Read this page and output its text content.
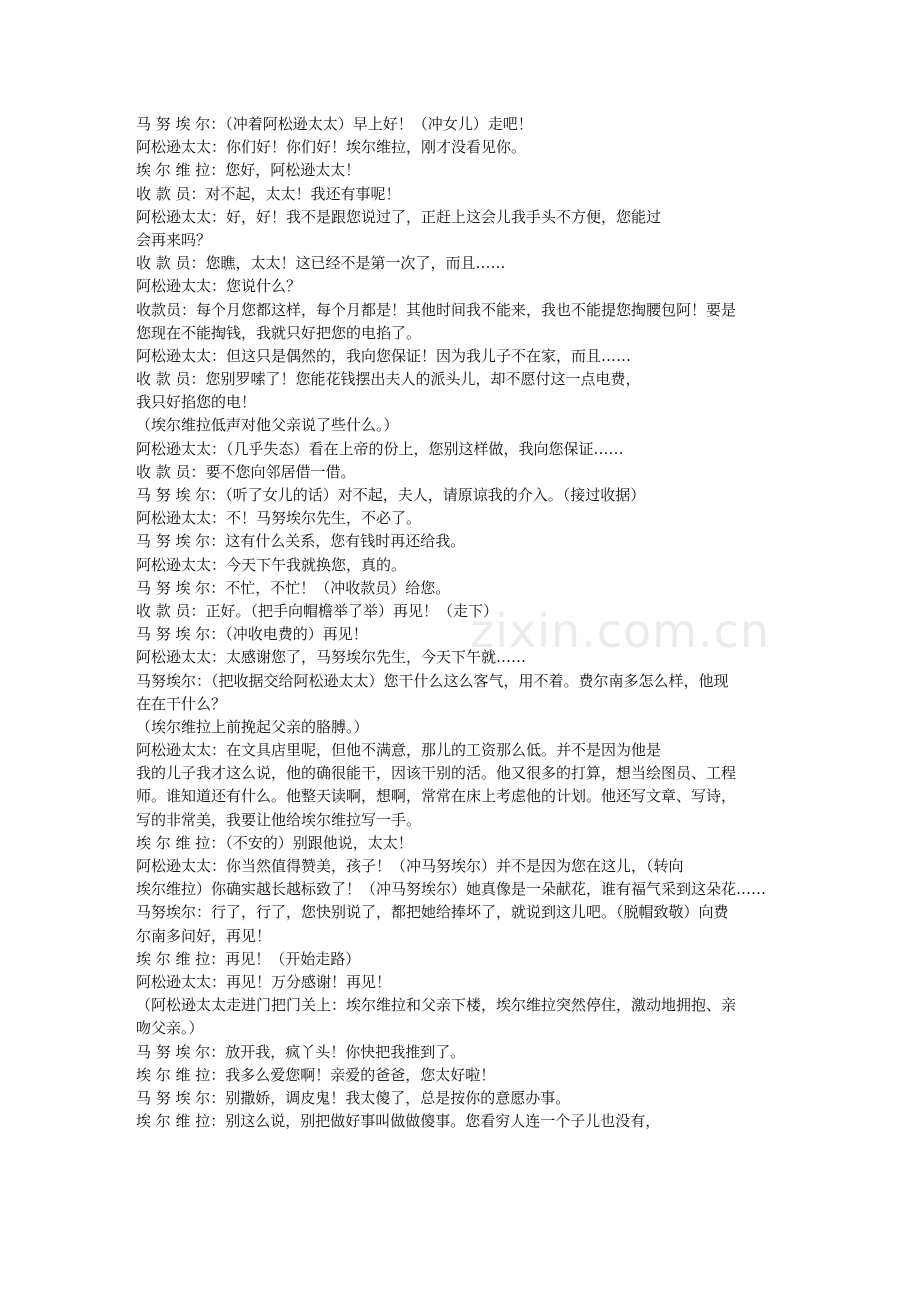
马 努 埃 尔：（冲着阿松逊太太）早上好！（冲女儿）走吧！
阿松逊太太：你们好！你们好！埃尔维拉，刚才没看见你。
埃 尔 维 拉：您好，阿松逊太太！
收 款 员：对不起，太太！我还有事呢！
阿松逊太太：好，好！我不是跟您说过了，正赶上这会儿我手头不方便，您能过
会再来吗？
收 款 员：您瞧，太太！这已经不是第一次了，而且……
阿松逊太太：您说什么？
收款员：每个月您都这样，每个月都是！其他时间我不能来，我也不能提您掏腰包阿！要是
您现在不能掏钱，我就只好把您的电掐了。
阿松逊太太：但这只是偶然的，我向您保证！因为我儿子不在家，而且……
收 款 员：您别罗嗦了！您能花钱摆出夫人的派头儿，却不愿付这一点电费，
我只好掐您的电！
（埃尔维拉低声对他父亲说了些什么。）
阿松逊太太：（几乎失态）看在上帝的份上，您别这样做，我向您保证……
收 款 员：要不您向邻居借一借。
马 努 埃 尔：（听了女儿的话）对不起，夫人，请原谅我的介入。（接过收据）
阿松逊太太：不！马努埃尔先生，不必了。
马 努 埃 尔：这有什么关系，您有钱时再还给我。
阿松逊太太：今天下午我就换您，真的。
马 努 埃 尔：不忙，不忙！（冲收款员）给您。
收 款 员：正好。（把手向帽檐举了举）再见！（走下）
马 努 埃 尔：（冲收电费的）再见！
阿松逊太太：太感谢您了，马努埃尔先生，今天下午就……
马努埃尔：（把收据交给阿松逊太太）您干什么这么客气，用不着。费尔南多怎么样，他现
在在干什么？
（埃尔维拉上前挽起父亲的胳膊。）
阿松逊太太：在文具店里呢，但他不满意，那儿的工资那么低。并不是因为他是
我的儿子我才这么说，他的确很能干，因该干别的活。他又很多的打算，想当绘图员、工程
师。谁知道还有什么。他整天读啊，想啊，常常在床上考虑他的计划。他还写文章、写诗，
写的非常美，我要让他给埃尔维拉写一手。
埃 尔 维 拉：（不安的）别跟他说，太太！
阿松逊太太：你当然值得赞美，孩子！（冲马努埃尔）并不是因为您在这儿，（转向
埃尔维拉）你确实越长越标致了！（冲马努埃尔）她真像是一朵献花，谁有福气采到这朵花……
马努埃尔：行了，行了，您快别说了，都把她给捧坏了，就说到这儿吧。（脱帽致敬）向费
尔南多问好，再见！
埃 尔 维 拉：再见！（开始走路）
阿松逊太太：再见！万分感谢！再见！
（阿松逊太太走进门把门关上：埃尔维拉和父亲下楼，埃尔维拉突然停住，激动地拥抱、亲
吻父亲。）
马 努 埃 尔：放开我，疯丫头！你快把我推到了。
埃 尔 维 拉：我多么爱您啊！亲爱的爸爸，您太好啦！
马 努 埃 尔：别撒娇，调皮鬼！我太傻了，总是按你的意愿办事。
埃 尔 维 拉：别这么说，别把做好事叫做做傻事。您看穷人连一个子儿也没有，
zixin.com.cn
